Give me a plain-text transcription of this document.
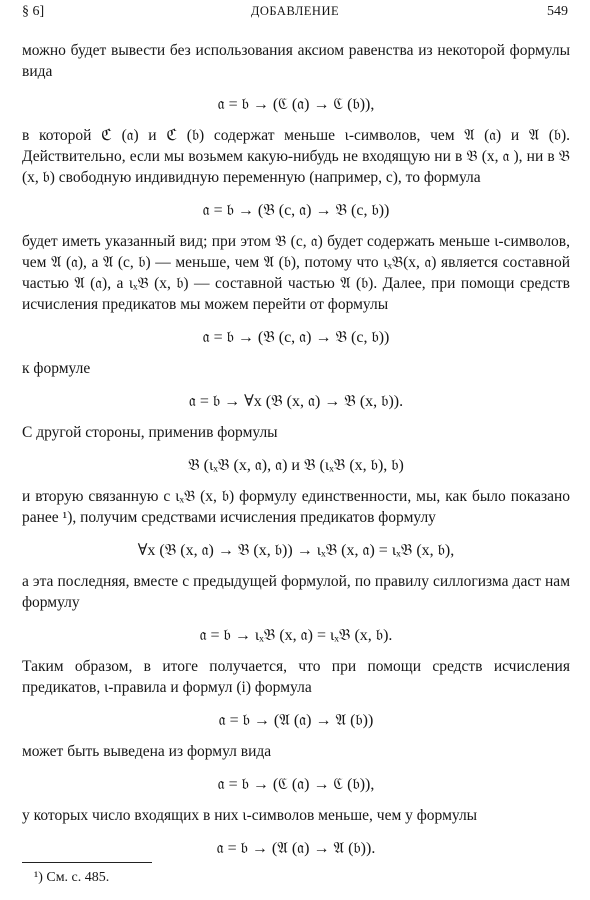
§ 6]	ДОБАВЛЕНИЕ	549

можно будет вывести без использования аксиом равенства из некоторой формулы вида

𝔞 = 𝔟 → (ℭ (𝔞) → ℭ (𝔟)),

в которой ℭ (𝔞) и ℭ (𝔟) содержат меньше ι-символов, чем 𝔄 (𝔞) и 𝔄 (𝔟). Действительно, если мы возьмем какую-нибудь не входящую ни в 𝔅 (x, 𝔞 ), ни в 𝔅 (x, 𝔟) свободную индивидную переменную (например, c), то формула

𝔞 = 𝔟 → (𝔅 (c, 𝔞) → 𝔅 (c, 𝔟))

будет иметь указанный вид; при этом 𝔅 (c, 𝔞) будет содержать меньше ι-символов, чем 𝔄 (𝔞), а 𝔄 (c, 𝔟) — меньше, чем 𝔄 (𝔟), потому что ιₓ𝔅(x, 𝔞) является составной частью 𝔄 (𝔞), а ιₓ𝔅 (x, 𝔟) — составной частью 𝔄 (𝔟). Далее, при помощи средств исчисления предикатов мы можем перейти от формулы

𝔞 = 𝔟 → (𝔅 (c, 𝔞) → 𝔅 (c, 𝔟))

к формуле

𝔞 = 𝔟 → ∀x (𝔅 (x, 𝔞) → 𝔅 (x, 𝔟)).

С другой стороны, применив формулы

𝔅 (ιₓ𝔅 (x, 𝔞), 𝔞) и 𝔅 (ιₓ𝔅 (x, 𝔟), 𝔟)

и вторую связанную с ιₓ𝔅 (x, 𝔟) формулу единственности, мы, как было показано ранее ¹), получим средствами исчисления предикатов формулу

∀x (𝔅 (x, 𝔞) → 𝔅 (x, 𝔟)) → ιₓ𝔅 (x, 𝔞) = ιₓ𝔅 (x, 𝔟),

а эта последняя, вместе с предыдущей формулой, по правилу силлогизма даст нам формулу

𝔞 = 𝔟 → ιₓ𝔅 (x, 𝔞) = ιₓ𝔅 (x, 𝔟).

Таким образом, в итоге получается, что при помощи средств исчисления предикатов, ι-правила и формул (i) формула

𝔞 = 𝔟 → (𝔄 (𝔞) → 𝔄 (𝔟))

может быть выведена из формул вида

𝔞 = 𝔟 → (ℭ (𝔞) → ℭ (𝔟)),

у которых число входящих в них ι-символов меньше, чем у формулы

𝔞 = 𝔟 → (𝔄 (𝔞) → 𝔄 (𝔟)).
¹) См. с. 485.
